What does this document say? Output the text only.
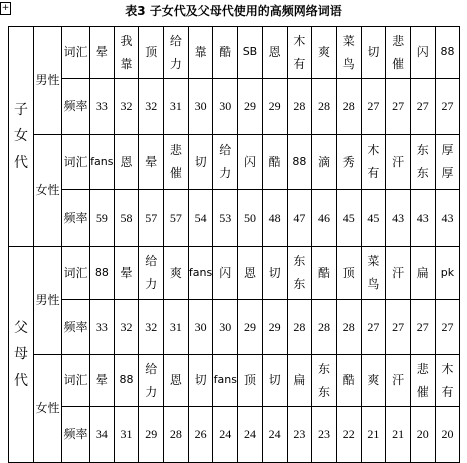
+	表3 子女代及父母代使用的高频网络词语
子女代	男性	词汇	晕	我靠	顶	给力	靠	酷	SB	恩	木有	爽	菜鸟	切	悲催	闪	88

		频率	33	32	32	31	30	30	29	29	28	28	28	27	27	27	27

	女性	词汇	fans	恩	晕	悲催	切	给力	闪	酷	88	滴	秀	木有	汗	东东	厚厚

		频率	59	58	57	57	54	53	50	48	47	46	45	45	43	43	43

父母代	男性	词汇	88	晕	给力	爽	fans	闪	恩	切	东东	酷	顶	菜鸟	汗	扁	pk

		频率	33	32	32	31	30	30	29	29	28	28	28	27	27	27	27

	女性	词汇	晕	88	给力	恩	切	fans	顶	切	扁	东东	酷	爽	汗	悲催	木有

		频率	34	31	29	28	26	24	24	24	23	23	22	21	21	20	20
